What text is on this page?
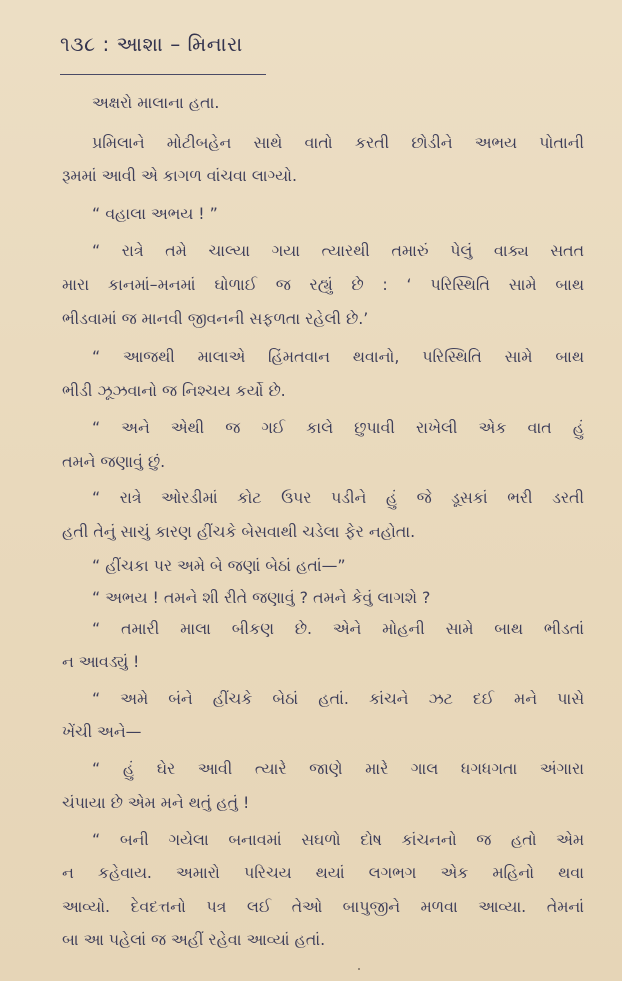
૧૩૮ : આશા – મિનારા
અક્ષરો માલાના હતા.
પ્રમિલાને મોટીબહેન સાથે વાતો કરતી છોડીને અભય પોતાની
રૂમમાં આવી એ કાગળ વાંચવા લાગ્યો.
“ વહાલા અભય ! ”
“ રાત્રે તમે ચાલ્યા ગયા ત્યારથી તમારું પેલું વાક્ય સતત
મારા કાનમાં–મનમાં ઘોળાઈ જ રહ્યું છે : ‘ પરિસ્થિતિ સામે બાથ
ભીડવામાં જ માનવી જીવનની સફળતા રહેલી છે.’
“ આજથી માલાએ હિંમતવાન થવાનો, પરિસ્થિતિ સામે બાથ
ભીડી ઝૂઝવાનો જ નિશ્ચય કર્યો છે.
“ અને એથી જ ગઈ કાલે છુપાવી રાખેલી એક વાત હું
તમને જણાવું છું.
“ રાત્રે ઓરડીમાં કોટ ઉપર પડીને હું જે ડૂસકાં ભરી ડરતી
હતી તેનું સાચું કારણ હીંચકે બેસવાથી ચડેલા ફેર નહોતા.
“ હીંચકા પર અમે બે જણાં બેઠાં હતાં—”
“ અભય ! તમને શી રીતે જણાવું ? તમને કેવું લાગશે ?
“ તમારી માલા બીકણ છે. એને મોહની સામે બાથ ભીડતાં
ન આવડ્યું !
“ અમે બંને હીંચકે બેઠાં હતાં. કાંચને ઝટ દઈ મને પાસે
ખેંચી અને—
“ હું ઘેર આવી ત્યારે જાણે મારે ગાલ ધગધગતા અંગારા
ચંપાયા છે એમ મને થતું હતું !
“ બની ગયેલા બનાવમાં સઘળો દોષ કાંચનનો જ હતો એમ
ન કહેવાય. અમારો પરિચય થયાં લગભગ એક મહિનો થવા
આવ્યો. દેવદત્તનો પત્ર લઈ તેઓ બાપુજીને મળવા આવ્યા. તેમનાં
બા આ પહેલાં જ અહીં રહેવા આવ્યાં હતાં.
